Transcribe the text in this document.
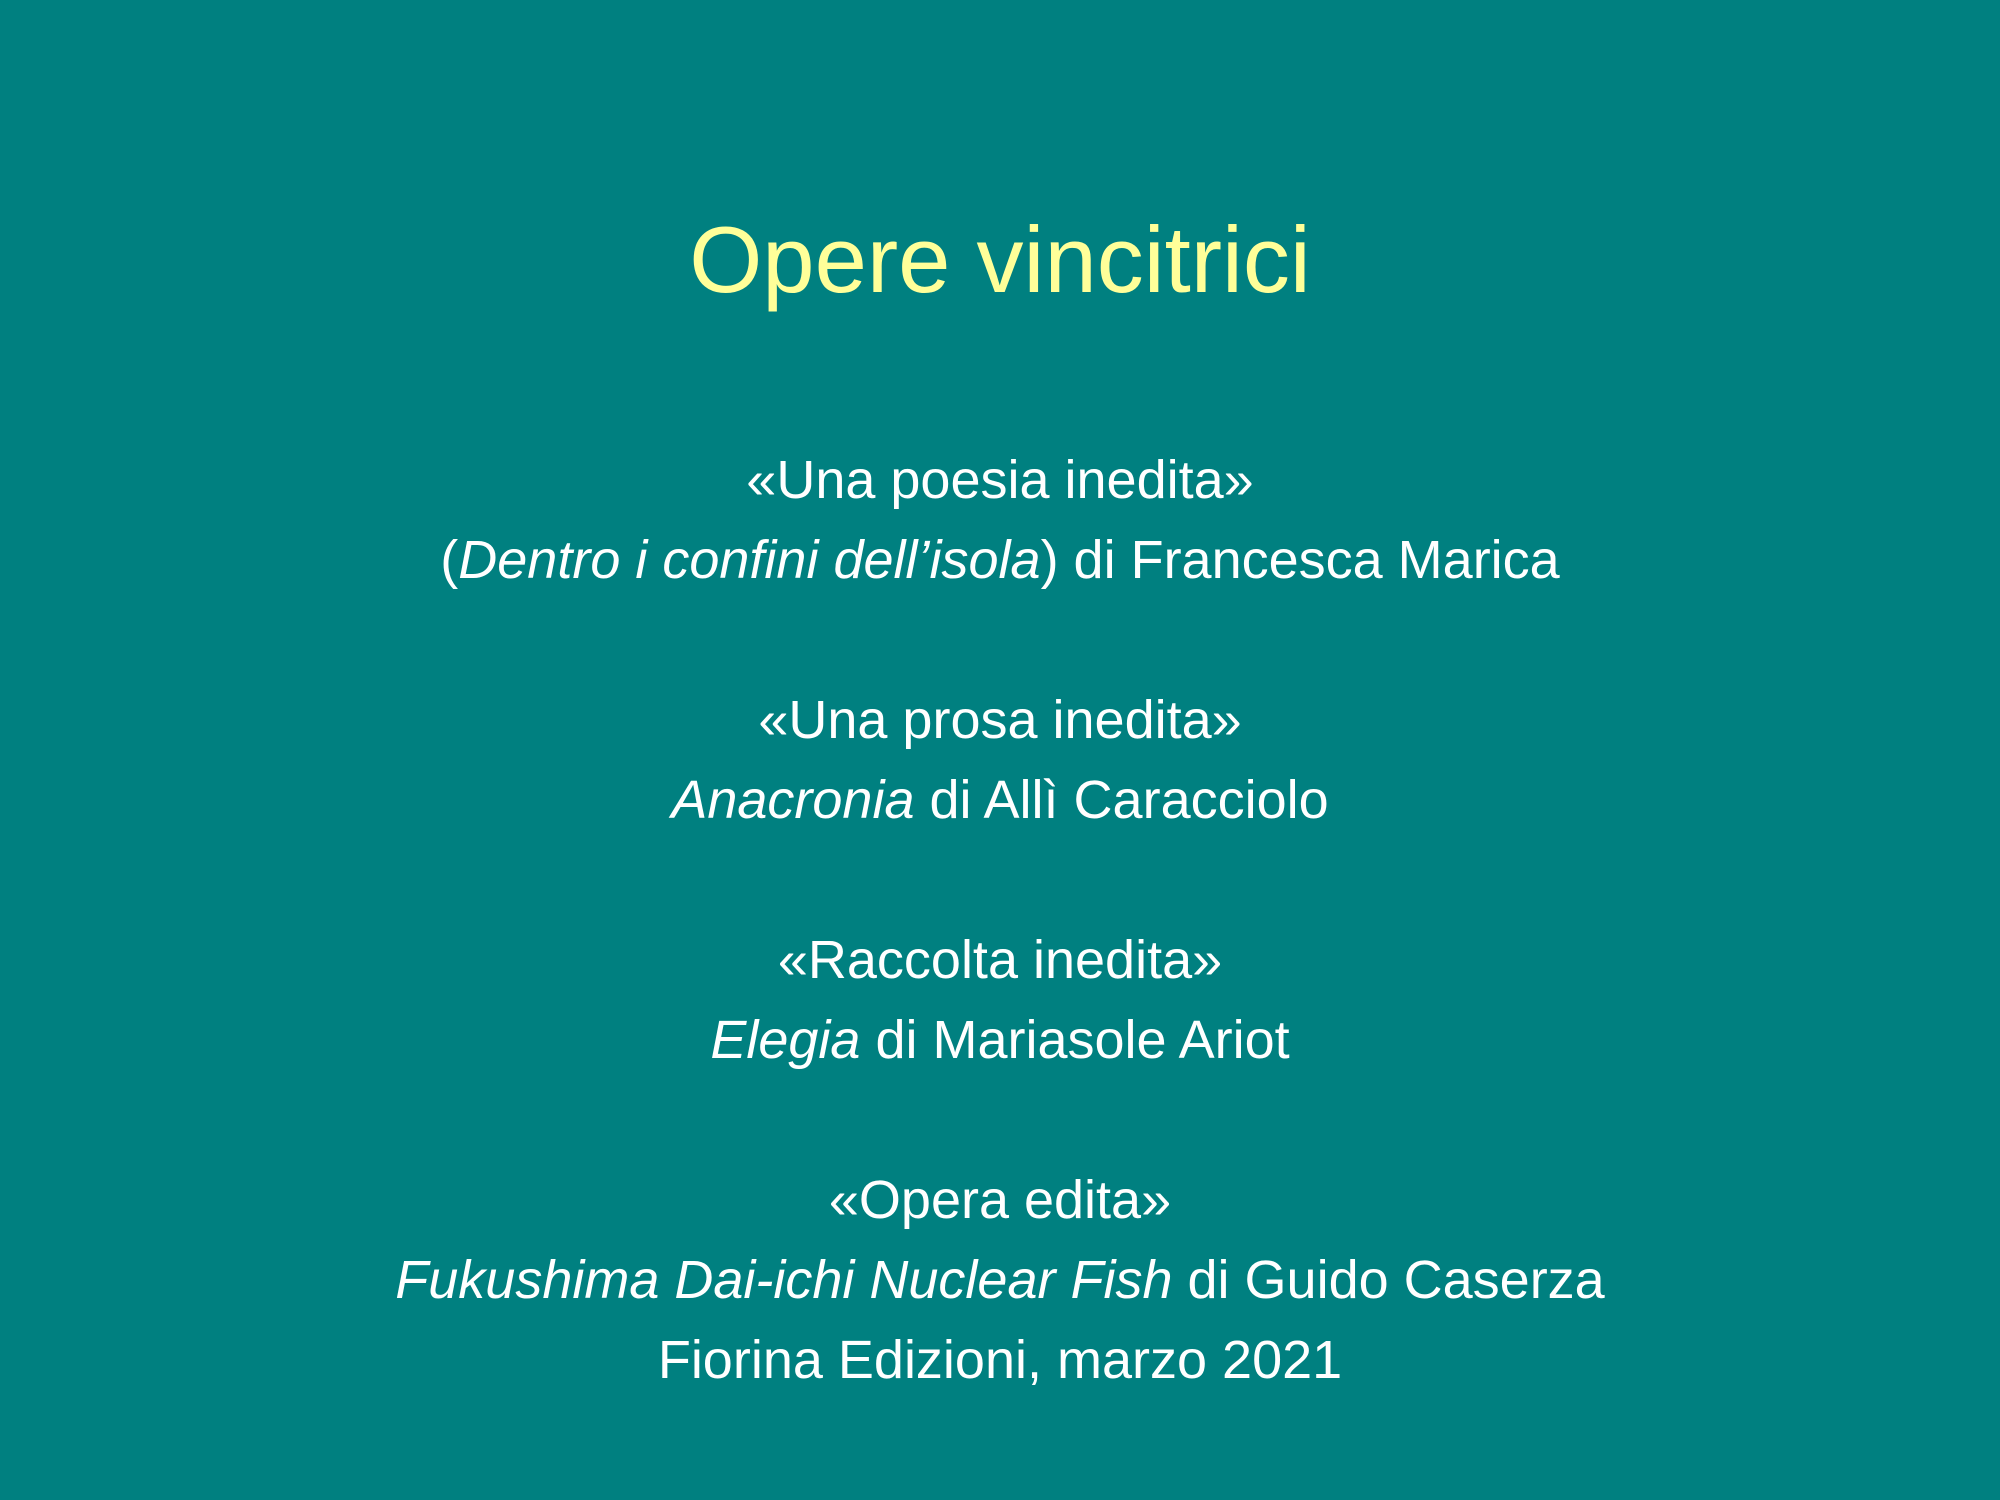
Opere vincitrici
«Una poesia inedita»
(Dentro i confini dell’isola) di Francesca Marica
«Una prosa inedita»
Anacronia di Allì Caracciolo
«Raccolta inedita»
Elegia di Mariasole Ariot
«Opera edita»
Fukushima Dai-ichi Nuclear Fish di Guido Caserza
Fiorina Edizioni, marzo 2021
